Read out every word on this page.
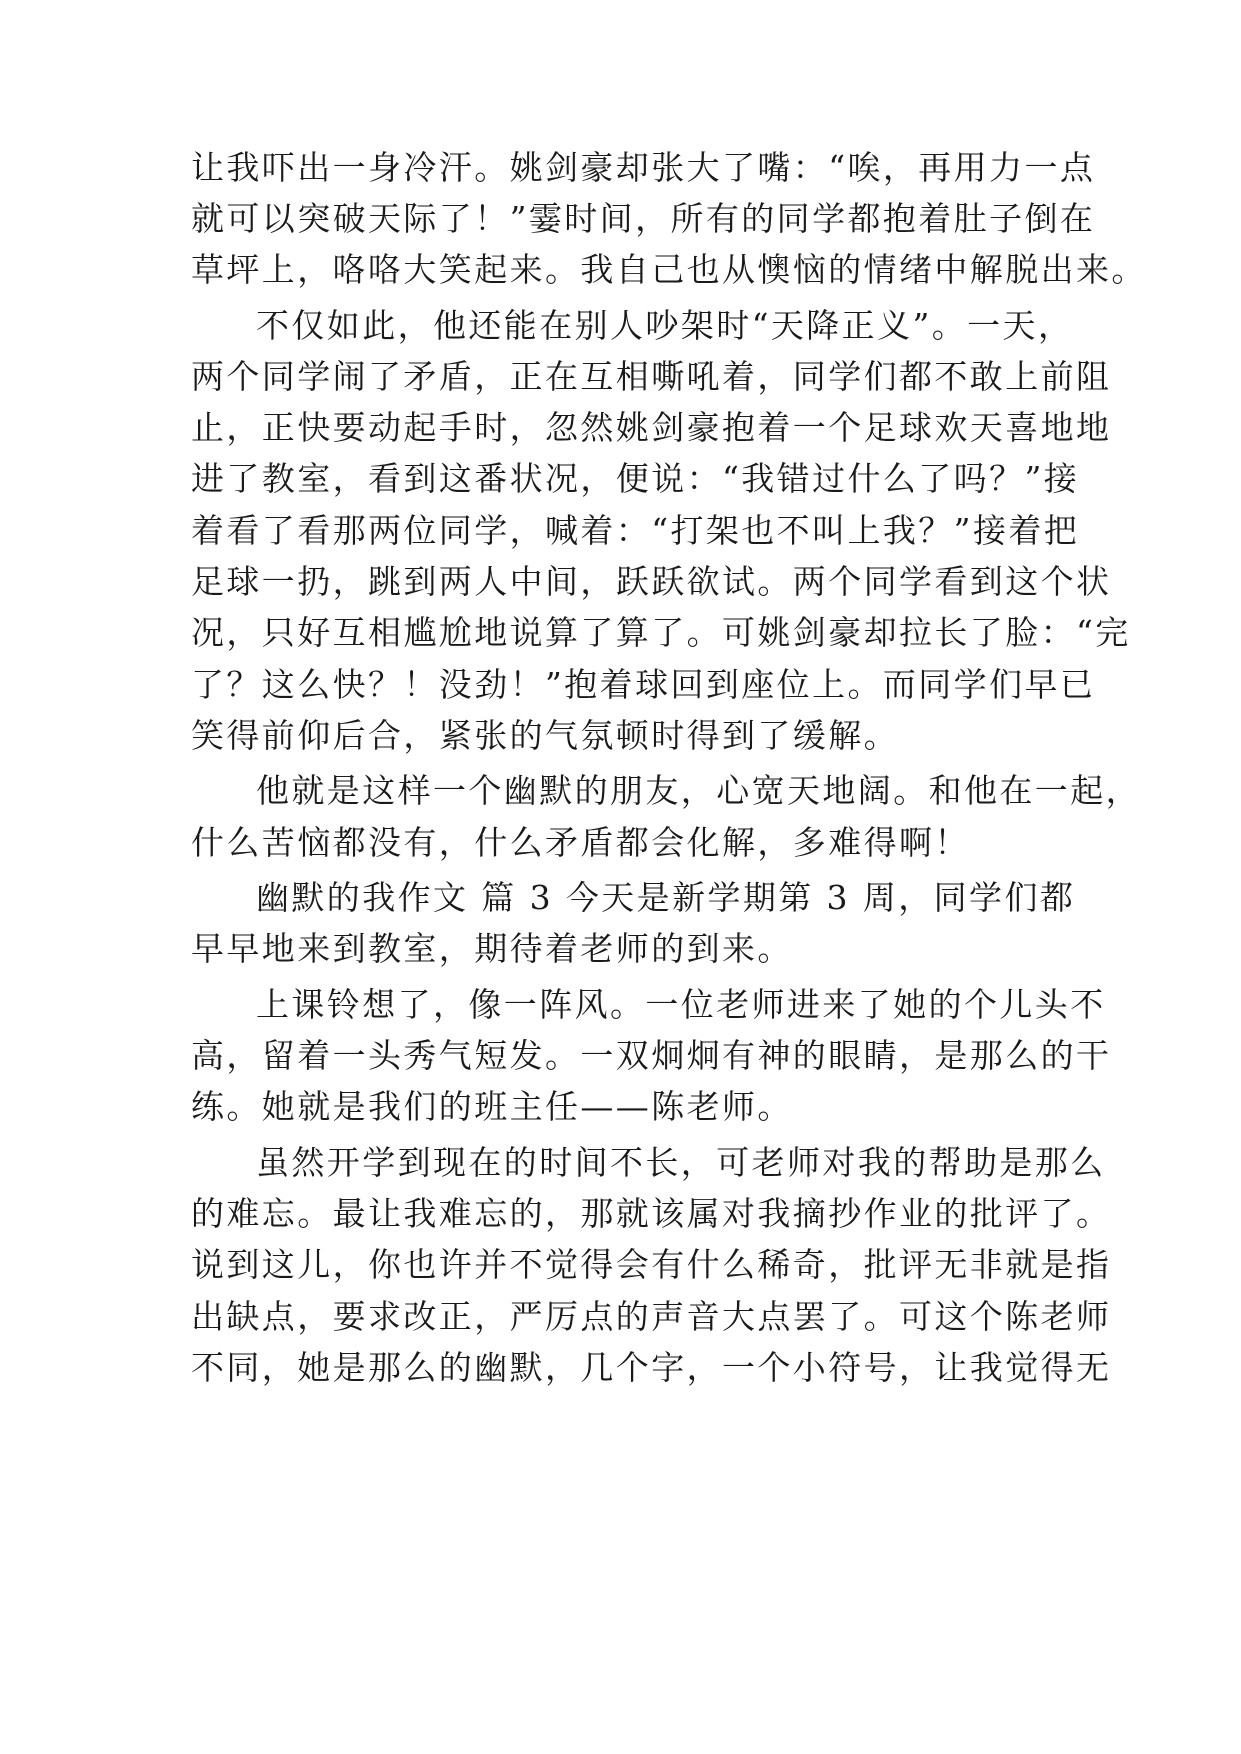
让我吓出一身冷汗。姚剑豪却张大了嘴：“唉，再用力一点
就可以突破天际了！”霎时间，所有的同学都抱着肚子倒在
草坪上，咯咯大笑起来。我自己也从懊恼的情绪中解脱出来。
不仅如此，他还能在别人吵架时“天降正义”。一天，
两个同学闹了矛盾，正在互相嘶吼着，同学们都不敢上前阻
止，正快要动起手时，忽然姚剑豪抱着一个足球欢天喜地地
进了教室，看到这番状况，便说：“我错过什么了吗？”接
着看了看那两位同学，喊着：“打架也不叫上我？”接着把
足球一扔，跳到两人中间，跃跃欲试。两个同学看到这个状
况，只好互相尴尬地说算了算了。可姚剑豪却拉长了脸：“完
了？这么快？！没劲！”抱着球回到座位上。而同学们早已
笑得前仰后合，紧张的气氛顿时得到了缓解。
他就是这样一个幽默的朋友，心宽天地阔。和他在一起，
什么苦恼都没有，什么矛盾都会化解，多难得啊！
幽默的我作文 篇 3 今天是新学期第 3 周，同学们都
早早地来到教室，期待着老师的到来。
上课铃想了，像一阵风。一位老师进来了她的个儿头不
高，留着一头秀气短发。一双炯炯有神的眼睛，是那么的干
练。她就是我们的班主任——陈老师。
虽然开学到现在的时间不长，可老师对我的帮助是那么
的难忘。最让我难忘的，那就该属对我摘抄作业的批评了。
说到这儿，你也许并不觉得会有什么稀奇，批评无非就是指
出缺点，要求改正，严厉点的声音大点罢了。可这个陈老师
不同，她是那么的幽默，几个字，一个小符号，让我觉得无
